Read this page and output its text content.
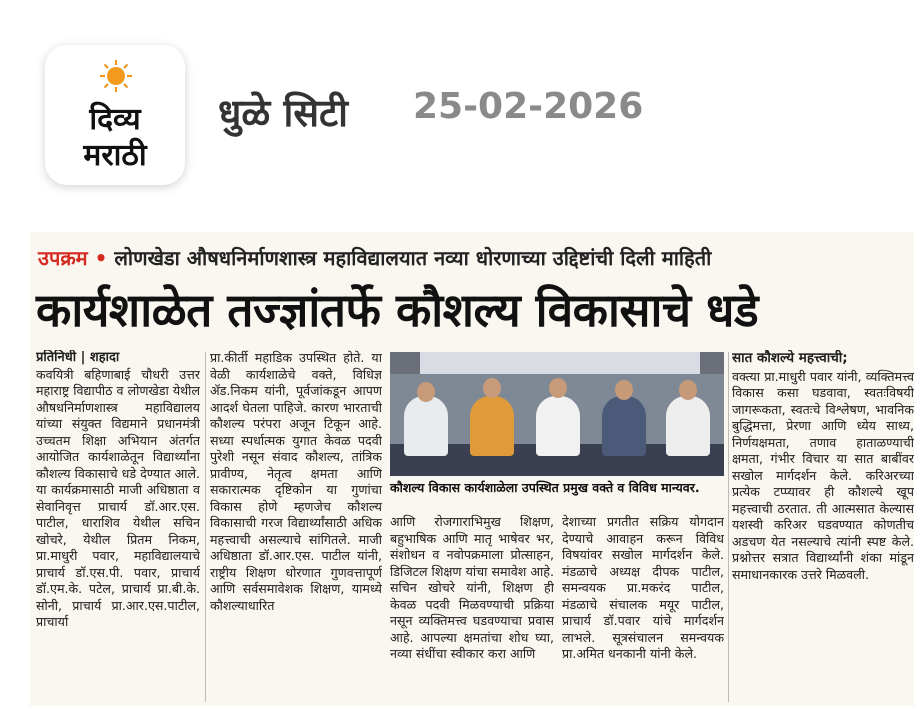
दिव्य
मराठी
धुळे सिटी 25-02-2026
उपक्रम • लोणखेडा औषधनिर्माणशास्त्र महाविद्यालयात नव्या धोरणाच्या उद्दिष्टांची दिली माहिती
कार्यशाळेत तज्ज्ञांतर्फे कौशल्य विकासाचे धडे
प्रतिनिधी | शहादा
कवयित्री बहिणाबाई चौधरी उत्तर महाराष्ट्र विद्यापीठ व लोणखेडा येथील औषधनिर्माणशास्त्र महाविद्यालय यांच्या संयुक्त विद्यमाने प्रधानमंत्री उच्चतम शिक्षा अभियान अंतर्गत आयोजित कार्यशाळेतून विद्यार्थ्यांना कौशल्य विकासाचे धडे देण्यात आले. या कार्यक्रमासाठी माजी अधिष्ठाता व सेवानिवृत्त प्राचार्य डॉ.आर.एस. पाटील, धाराशिव येथील सचिन खोचरे, येथील प्रितम निकम, प्रा.माधुरी पवार, महाविद्यालयाचे प्राचार्य डॉ.एस.पी. पवार, प्राचार्य डॉ.एम.के. पटेल, प्राचार्य प्रा.बी.के. सोनी, प्राचार्य प्रा.आर.एस.पाटील, प्राचार्या
प्रा.कीर्ती महाडिक उपस्थित होते. या वेळी कार्यशाळेचे वक्ते, विधिज्ञ ॲड.निकम यांनी, पूर्वजांकडून आपण आदर्श घेतला पाहिजे. कारण भारताची कौशल्य परंपरा अजून टिकून आहे. सध्या स्पर्धात्मक युगात केवळ पदवी पुरेशी नसून संवाद कौशल्य, तांत्रिक प्रावीण्य, नेतृत्व क्षमता आणि सकारात्मक दृष्टिकोन या गुणांचा विकास होणे म्हणजेच कौशल्य विकासाची गरज विद्यार्थ्यांसाठी अधिक महत्त्वाची असल्याचे सांगितले. माजी अधिष्ठाता डॉ.आर.एस. पाटील यांनी, राष्ट्रीय शिक्षण धोरणात गुणवत्तापूर्ण आणि सर्वसमावेशक शिक्षण, यामध्ये कौशल्याधारित
कौशल्य विकास कार्यशाळेला उपस्थित प्रमुख वक्ते व विविध मान्यवर.
आणि रोजगाराभिमुख शिक्षण, बहुभाषिक आणि मातृ भाषेवर भर, संशोधन व नवोपक्रमाला प्रोत्साहन, डिजिटल शिक्षण यांचा समावेश आहे. सचिन खोचरे यांनी, शिक्षण ही केवळ पदवी मिळवण्याची प्रक्रिया नसून व्यक्तिमत्त्व घडवण्याचा प्रवास आहे. आपल्या क्षमतांचा शोध घ्या, नव्या संधींचा स्वीकार करा आणि
देशाच्या प्रगतीत सक्रिय योगदान देण्याचे आवाहन करून विविध विषयांवर सखोल मार्गदर्शन केले. मंडळाचे अध्यक्ष दीपक पाटील, समन्वयक प्रा.मकरंद पाटील, मंडळाचे संचालक मयूर पाटील, प्राचार्य डॉ.पवार यांचे मार्गदर्शन लाभले. सूत्रसंचालन समन्वयक प्रा.अमित धनकानी यांनी केले.
सात कौशल्ये महत्त्वाची;
वक्त्या प्रा.माधुरी पवार यांनी, व्यक्तिमत्त्व विकास कसा घडवावा, स्वतःविषयी जागरूकता, स्वतःचे विश्लेषण, भावनिक बुद्धिमत्ता, प्रेरणा आणि ध्येय साध्य, निर्णयक्षमता, तणाव हाताळण्याची क्षमता, गंभीर विचार या सात बाबींवर सखोल मार्गदर्शन केले. करिअरच्या प्रत्येक टप्प्यावर ही कौशल्ये खूप महत्त्वाची ठरतात. ती आत्मसात केल्यास यशस्वी करिअर घडवण्यात कोणतीच अडचण येत नसल्याचे त्यांनी स्पष्ट केले. प्रश्नोत्तर सत्रात विद्यार्थ्यांनी शंका मांडून समाधानकारक उत्तरे मिळवली.
